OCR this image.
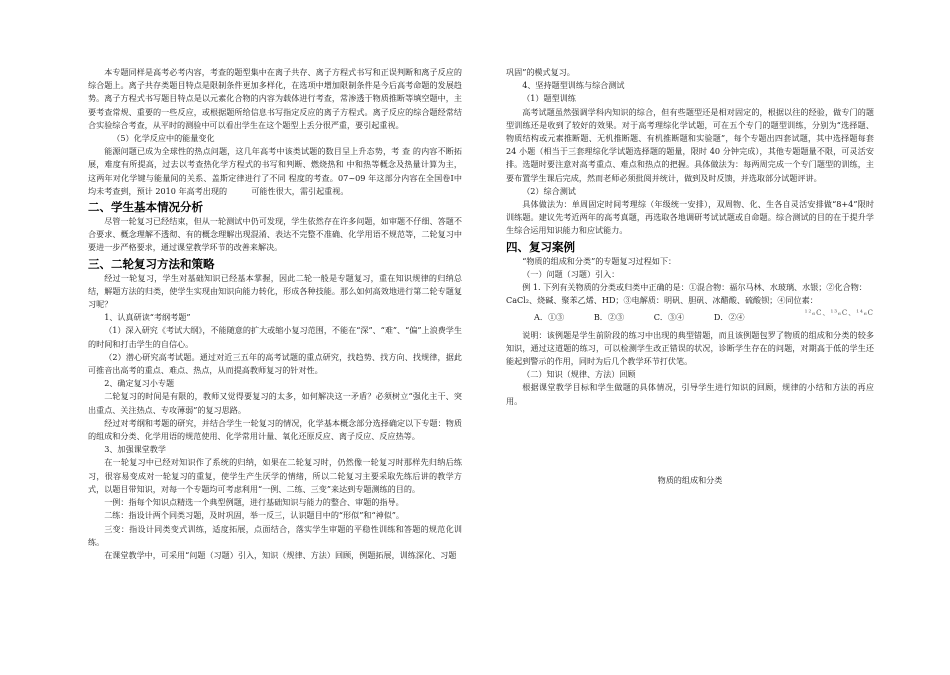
本专题同样是高考必考内容，考查的题型集中在离子共存、离子方程式书写和正误判断和离子反应的综合题上。离子共存类题目特点是限制条件更加多样化，在选项中增加限制条件是今后高考命题的发展趋势。离子方程式书写题目特点是以元素化合物的内容为载体进行考查，常渗透于物质推断等填空题中，主要考查常规、重要的一些反应，或根据题所给信息书写指定反应的离子方程式。离子反应的综合题经常结合实验综合考查，从平时的测验中可以看出学生在这个题型上丢分很严重，要引起重视。

（5）化学反应中的能量变化

能源问题已成为全球性的热点问题，这几年高考中该类试题的数目呈上升态势，考 查 的内容不断拓展，难度有所提高，过去以考查热化学方程式的书写和判断、燃烧热和 中和热等概念及热量计算为主，这两年对化学键与能量间的关系、盖斯定律进行了不同 程度的考查。07~09 年这部分内容在全国卷Ⅰ中均未考查到，预计 2010 年高考出现的　　　可能性很大，需引起重视。

二、学生基本情况分析

尽管一轮复习已经结束，但从一轮测试中仍可发现，学生依然存在许多问题，如审题不仔细、答题不合要求、概念理解不透彻、有的概念理解出现混淆、表达不完整不准确、化学用语不规范等，二轮复习中要进一步严格要求，通过课堂教学环节的改善来解决。

三、二轮复习方法和策略

经过一轮复习，学生对基础知识已经基本掌握，因此二轮一般是专题复习，重在知识规律的归纳总结，解题方法的归类，使学生实现由知识向能力转化，形成各种技能。那么如何高效地进行第二轮专题复习呢？

1、认真研读“考纲考题”

（1）深入研究《考试大纲》，不能随意的扩大或缩小复习范围，不能在“深”、“难”、“偏”上浪费学生的时间和打击学生的自信心。

（2）潜心研究高考试题。通过对近三五年的高考试题的重点研究，找趋势、找方向、找规律，据此可推音出高考的重点、难点、热点，从而提高教师复习的针对性。

2、确定复习小专题

二轮复习的时间是有限的，教师又觉得要复习的太多，如何解决这一矛盾？必须树立“强化主干、突出重点、关注热点、专攻薄弱”的复习思路。

经过对考纲和考题的研究，并结合学生一轮复习的情况，化学基本概念部分选择确定以下专题：物质的组成和分类、化学用语的规范使用、化学常用计量、氧化还原反应、离子反应、反应热等。

3、加强课堂教学

在一轮复习中已经对知识作了系统的归纳，如果在二轮复习时，仍然像一轮复习时那样先归纳后练习，很容易变成对一轮复习的重复，使学生产生厌学的情绪，所以二轮复习主要采取先练后讲的教学方式，以题目带知识，对每一个专题均可考虑利用“一例、二练、三变”来达到专题测练的目的。

一例：指每个知识点精选一个典型例题，进行基础知识与能力的整合、审题的指导。

二练：指设计两个同类习题，及时巩固，举一反三，认识题目中的“形似”和“神似”。

三变：指设计同类变式训练，适度拓展，点面结合，落实学生审题的平稳性训练和答题的规范化训练。

在课堂教学中，可采用“问题（习题）引入，知识（规律、方法）回顾，例题拓展，训练深化、习题

巩固”的模式复习。

4、坚持题型训练与综合测试

（1）题型训练

高考试题虽然强调学科内知识的综合，但有些题型还是相对固定的，根据以往的经验，做专门的题型训练还是收到了较好的效果。对于高考理综化学试题，可在五个专门的题型训练，分别为“选择题、物质结构或元素推断题、无机推断题、有机推断题和实验题”，每个专题出四套试题，其中选择题每套 24 小题（相当于三套理综化学试题选择题的题量，限时 40 分钟完成），其他专题题量不限，可灵活安排。选题时要注意对高考重点、难点和热点的把握。具体做法为：每两周完成一个专门题型的训练，主要布置学生课后完成，然而老师必须批阅并统计，做到及时反馈，并选取部分试题评讲。

（2）综合测试

具体做法为：单周固定时间考理综（年级统一安排），双周物、化、生各自灵活安排做“8+4”限时训练题。建议先考近两年的高考真题，再选取各地调研考试试题或自命题。综合测试的目的在于提升学生综合运用知识能力和应试能力。

四、复习案例

“物质的组成和分类”的专题复习过程如下：

（一）问题（习题）引入：

例 1. 下列有关物质的分类或归类中正确的是：①混合物：福尔马林、水玻璃、水银；②化合物：

CaCl₂、烧碱、聚苯乙烯、HD；③电解质：明矾、胆矾、冰醋酸、硫酸钡；④同位素：
¹²₆C、¹³₆C、¹⁴₆C

A．①③	B．②③	C．③④	D．②④

说明：该例题是学生前阶段的练习中出现的典型错题，而且该例题包罗了物质的组成和分类的较多知识，通过这道题的练习，可以检测学生改正错误的状况，诊断学生存在的问题，对期高于低的学生还能起到警示的作用，同时为后几个教学环节打伏笔。

（二）知识（规律、方法）回顾

根据课堂教学目标和学生做题的具体情况，引导学生进行知识的回顾，规律的小结和方法的再应用。

物质的组成和分类
